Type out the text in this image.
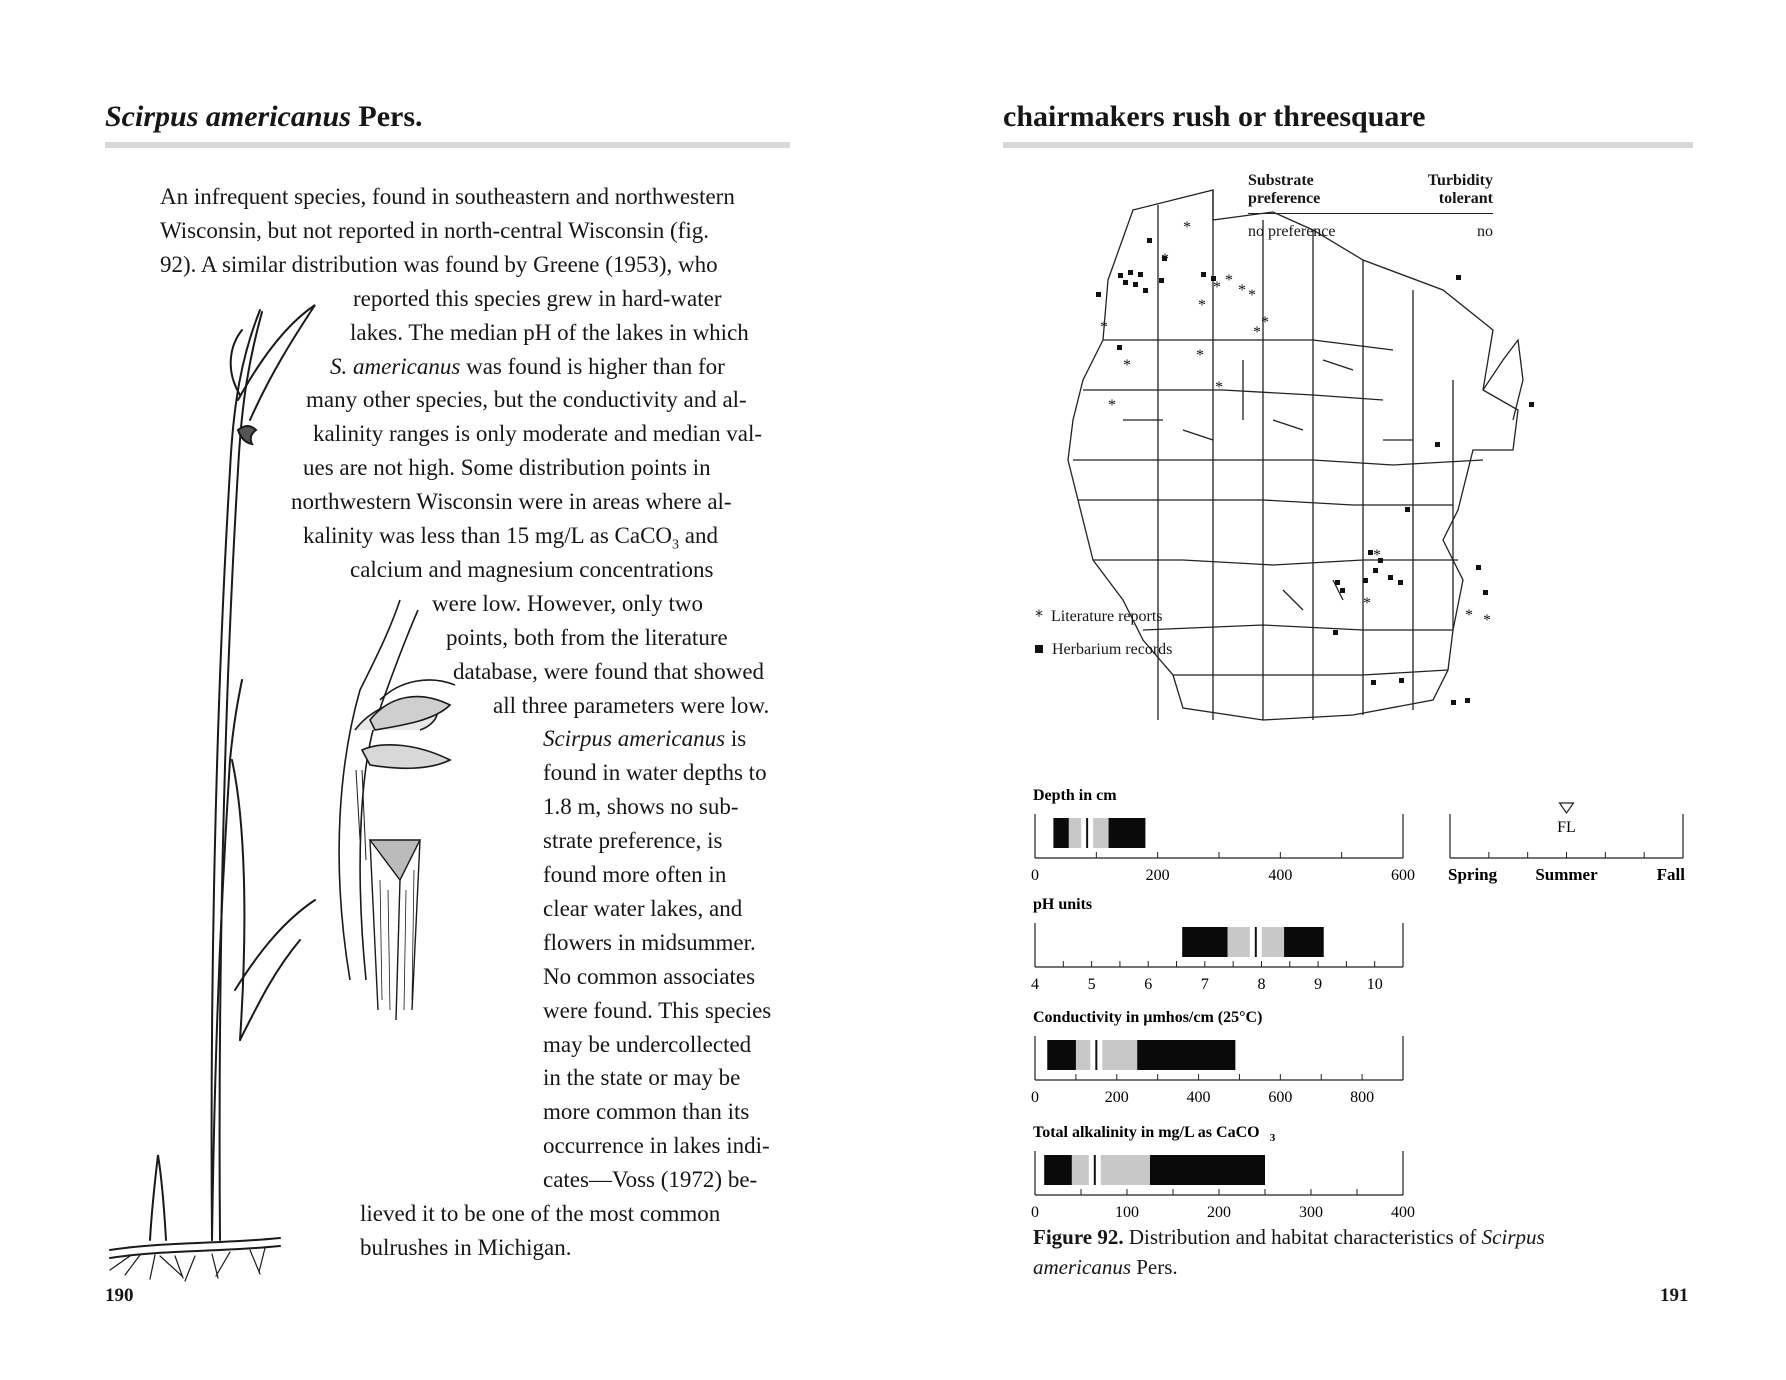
Scirpus americanus Pers.
An infrequent species, found in southeastern and northwestern
Wisconsin, but not reported in north-central Wisconsin (fig.
92). A similar distribution was found by Greene (1953), who
reported this species grew in hard-water
lakes. The median pH of the lakes in which
S. americanus was found is higher than for
many other species, but the conductivity and al-
kalinity ranges is only moderate and median val-
ues are not high. Some distribution points in
northwestern Wisconsin were in areas where al-
kalinity was less than 15 mg/L as CaCO$_3$ and
calcium and magnesium concentrations
were low. However, only two
points, both from the literature
database, were found that showed
all three parameters were low.
Scirpus americanus is
found in water depths to
1.8 m, shows no sub-
strate preference, is
found more often in
clear water lakes, and
flowers in midsummer.
No common associates
were found. This species
may be undercollected
in the state or may be
more common than its
occurrence in lakes indi-
cates—Voss (1972) be-
lieved it to be one of the most common
bulrushes in Michigan.
190
chairmakers rush or threesquare
*
*
*
*
*
*
*
*
*
*
*
*
*
*
*
*
* *
Substrate
preference
Turbidity
tolerant
no preference	no
* Literature reports
Herbarium records
Depth in cm
0	200	400	600
pH units
4	5	6	7	8	9	10
Conductivity in µmhos/cm (25°C)
0	200	400	600	800
Total alkalinity in mg/L as CaCO 3
0	100	200	300	400
FL
Spring Summer	Fall
Figure 92. Distribution and habitat characteristics of Scirpus
americanus Pers.
191
